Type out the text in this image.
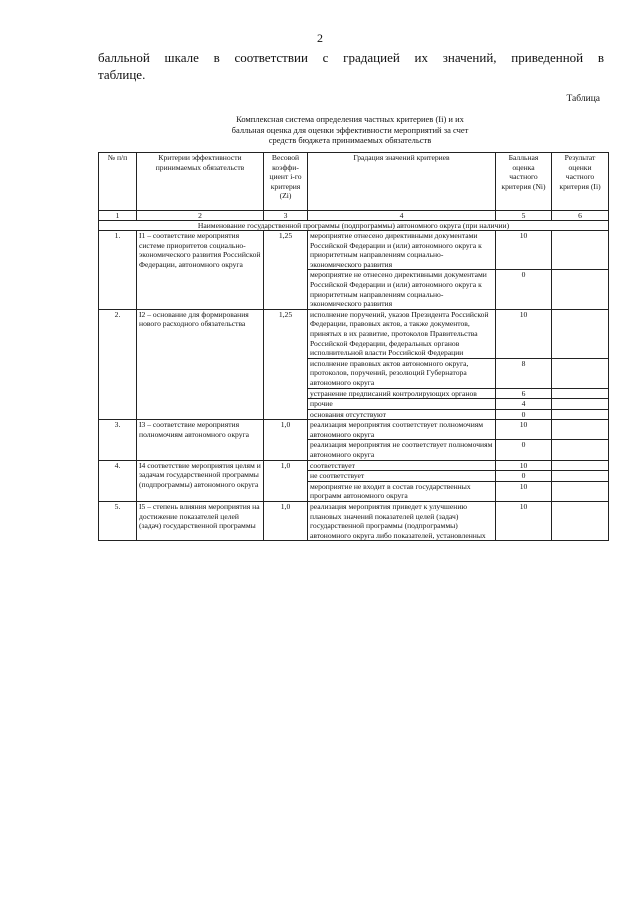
2
балльной шкале в соответствии с градацией их значений, приведенной в
таблице.
Таблица
Комплексная система определения частных критериев (Ii) и их
балльная оценка для оценки эффективности мероприятий за счет
средств бюджета принимаемых обязательств
№ п/п	Критерии эффективности принимаемых обязательств	Весовой коэффи-циент i-го критерия (Zi)	Градация значений критериев	Балльная оценка частного критерия (Ni)	Результат оценки частного критерия (Ii)
1	2	3	4	5	6
Наименование государственной программы (подпрограммы) автономного округа (при наличии)					
1.	I1 – соответствие мероприятия системе приоритетов социально-экономического развития Российской Федерации, автономного округа	1,25	мероприятие отнесено директивными документами Российской Федерации и (или) автономного округа к приоритетным направлениям социально-экономического развития	10	
			мероприятие не отнесено директивными документами Российской Федерации и (или) автономного округа к приоритетным направлениям социально-экономического развития	0	
2.	I2 – основание для формирования нового расходного обязательства	1,25	исполнение поручений, указов Президента Российской Федерации, правовых актов, а также документов, принятых в их развитие, протоколов Правительства Российской Федерации, федеральных органов исполнительной власти Российской Федерации	10	
			исполнение правовых актов автономного округа, протоколов, поручений, резолюций Губернатора автономного округа	8	
			устранение предписаний контролирующих органов	6	
			прочие	4	
			основания отсутствуют	0	
3.	I3 – соответствие мероприятия полномочиям автономного округа	1,0	реализация мероприятия соответствует полномочиям автономного округа	10	
			реализация мероприятия не соответствует полномочиям автономного округа	0	
4.	I4 соответствие мероприятия целям и задачам государственной программы (подпрограммы) автономного округа	1,0	соответствует	10	
			не соответствует	0	
			мероприятие не входит в состав государственных программ автономного округа	10	
5.	I5 – степень влияния мероприятия на достижение показателей целей (задач) государственной программы	1,0	реализация мероприятия приведет к улучшению плановых значений показателей целей (задач) государственной программы (подпрограммы) автономного округа либо показателей, установленных	10	
